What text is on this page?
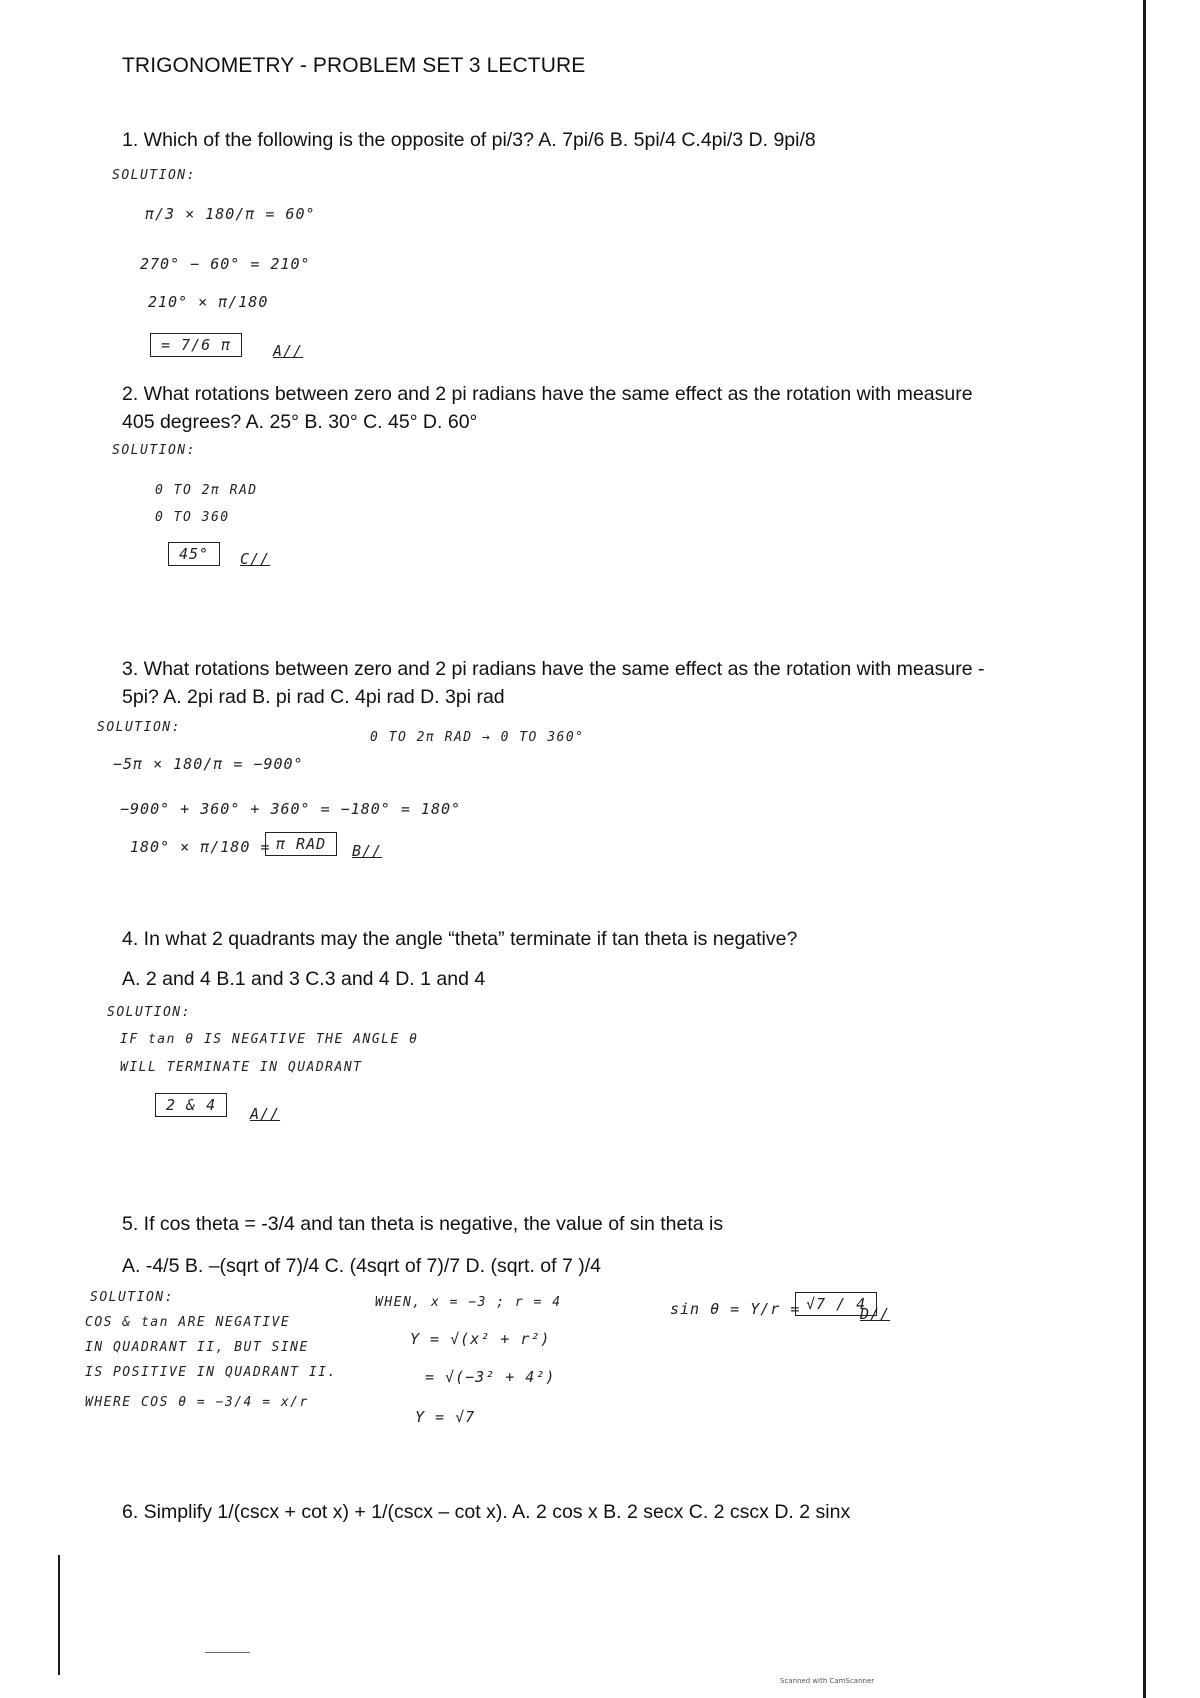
TRIGONOMETRY - PROBLEM SET 3 LECTURE
1. Which of the following is the opposite of pi/3? A. 7pi/6 B. 5pi/4 C.4pi/3 D. 9pi/8
SOLUTION:
π/3 × 180/π = 60°
270° − 60° = 210°
210° × π/180
= 7/6 π	A//
2. What rotations between zero and 2 pi radians have the same effect as the rotation with measure
405 degrees? A. 25° B. 30° C. 45° D. 60°
SOLUTION:
0 TO 2π RAD
0 TO 360
45°	C//
3. What rotations between zero and 2 pi radians have the same effect as the rotation with measure -
5pi? A. 2pi rad B. pi rad C. 4pi rad D. 3pi rad
SOLUTION:
0 TO 2π RAD → 0 TO 360°
−5π × 180/π = −900°
−900° + 360° + 360° = −180° = 180°
180° × π/180 = π RAD	B//
4. In what 2 quadrants may the angle “theta” terminate if tan theta is negative?
A. 2 and 4 B.1 and 3 C.3 and 4 D. 1 and 4
SOLUTION:
IF tan θ IS NEGATIVE THE ANGLE θ
WILL TERMINATE IN QUADRANT
2 & 4	A//
5. If cos theta = -3/4 and tan theta is negative, the value of sin theta is
A. -4/5 B. –(sqrt of 7)/4 C. (4sqrt of 7)/7 D. (sqrt. of 7 )/4
SOLUTION:
COS & tan ARE NEGATIVE
IN QUADRANT II, BUT SINE
IS POSITIVE IN QUADRANT II.
WHERE COS θ = −3/4 = x/r
WHEN, x = −3 ; r = 4
Y = √(x² + r²)
= √(−3² + 4²)
Y = √7
sin θ = Y/r = √7 / 4
D//
6. Simplify 1/(cscx + cot x) + 1/(cscx – cot x). A. 2 cos x B. 2 secx C. 2 cscx D. 2 sinx
Scanned with CamScanner
